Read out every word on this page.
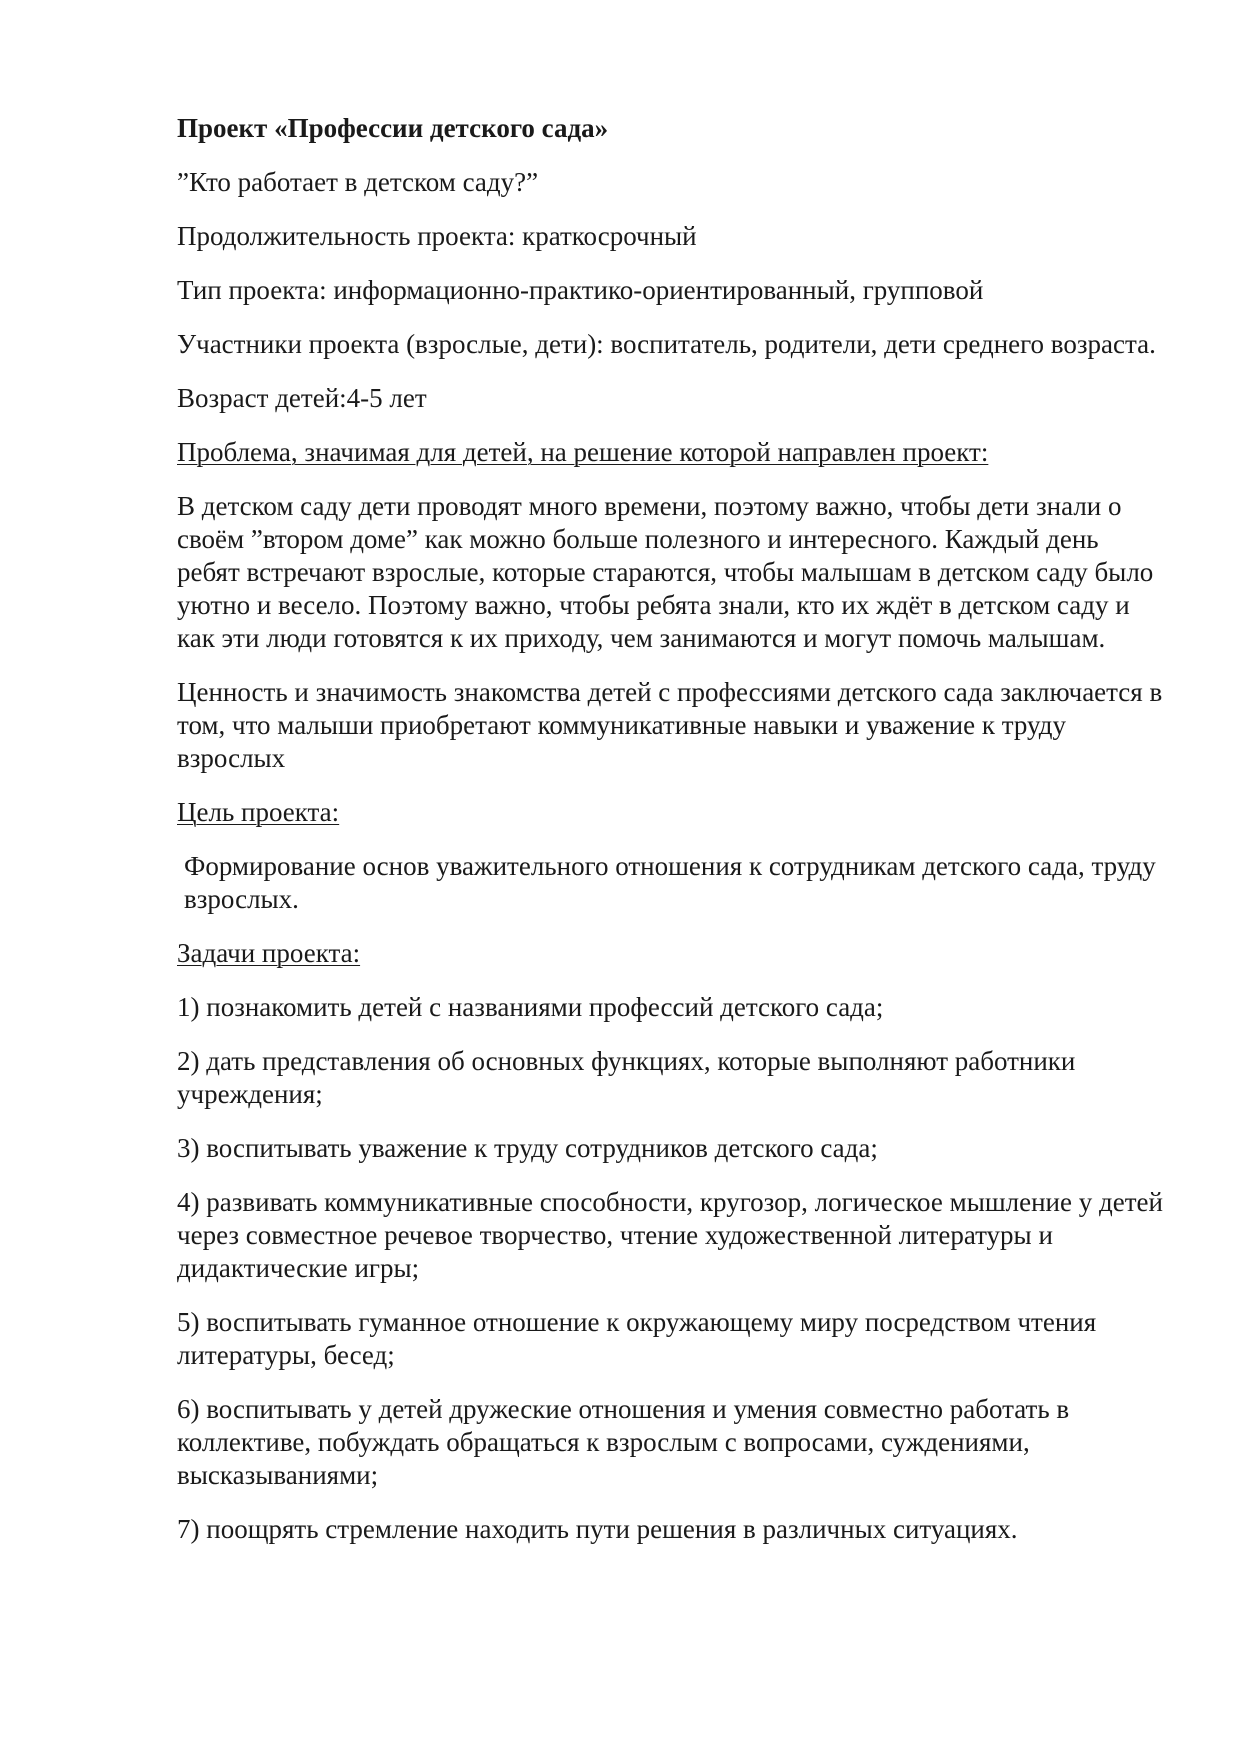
Проект «Профессии детского сада»

”Кто работает в детском саду?”

Продолжительность проекта: краткосрочный

Тип проекта: информационно-практико-ориентированный, групповой

Участники проекта (взрослые, дети): воспитатель, родители, дети среднего возраста.

Возраст детей:4-5 лет

Проблема, значимая для детей, на решение которой направлен проект:

В детском саду дети проводят много времени, поэтому важно, чтобы дети знали о своём ”втором доме” как можно больше полезного и интересного. Каждый день ребят встречают взрослые, которые стараются, чтобы малышам в детском саду было уютно и весело. Поэтому важно, чтобы ребята знали, кто их ждёт в детском саду и как эти люди готовятся к их приходу, чем занимаются и могут помочь малышам.

Ценность и значимость знакомства детей с профессиями детского сада заключается в том, что малыши приобретают коммуникативные навыки и уважение к труду взрослых

Цель проекта:

Формирование основ уважительного отношения к сотрудникам детского сада, труду взрослых.

Задачи проекта:

1) познакомить детей с названиями профессий детского сада;

2) дать представления об основных функциях, которые выполняют работники учреждения;

3) воспитывать уважение к труду сотрудников детского сада;

4) развивать коммуникативные способности, кругозор, логическое мышление у детей через совместное речевое творчество, чтение художественной литературы и дидактические игры;

5) воспитывать гуманное отношение к окружающему миру посредством чтения литературы, бесед;

6) воспитывать у детей дружеские отношения и умения совместно работать в коллективе, побуждать обращаться к взрослым с вопросами, суждениями, высказываниями;

7) поощрять стремление находить пути решения в различных ситуациях.
